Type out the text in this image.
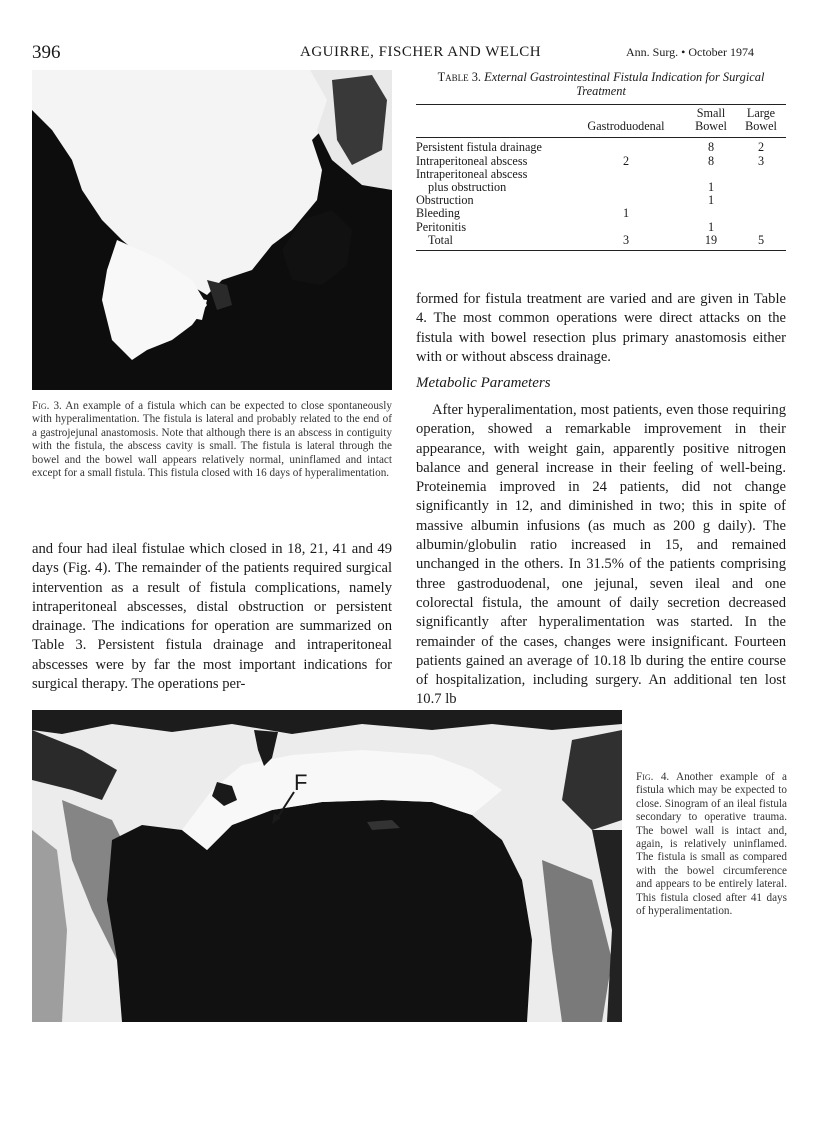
396	AGUIRRE, FISCHER AND WELCH	Ann. Surg. • October 1974
Fig. 3. An example of a fistula which can be expected to close spontaneously with hyperalimentation. The fistula is lateral and probably related to the end of a gastrojejunal anastomosis. Note that although there is an abscess in contiguity with the fistula, the abscess cavity is small. The fistula is lateral through the bowel and the bowel wall appears relatively normal, uninflamed and intact except for a small fistula. This fistula closed with 16 days of hyperalimentation.
and four had ileal fistulae which closed in 18, 21, 41 and 49 days (Fig. 4). The remainder of the patients required surgical intervention as a result of fistula complications, namely intraperitoneal abscesses, distal obstruction or persistent drainage. The indications for operation are summarized on Table 3. Persistent fistula drainage and intraperitoneal abscesses were by far the most important indications for surgical therapy. The operations per-
Table 3. External Gastrointestinal Fistula Indication for Surgical Treatment
	Gastroduodenal	Small Bowel	Large Bowel
Persistent fistula drainage		8	2
Intraperitoneal abscess	2	8	3
Intraperitoneal abscess			
plus obstruction		1	
Obstruction		1	
Bleeding	1		
Peritonitis		1	
Total	3	19	5
formed for fistula treatment are varied and are given in Table 4. The most common operations were direct attacks on the fistula with bowel resection plus primary anastomosis either with or without abscess drainage.
Metabolic Parameters
After hyperalimentation, most patients, even those requiring operation, showed a remarkable improvement in their appearance, with weight gain, apparently positive nitrogen balance and general increase in their feeling of well-being. Proteinemia improved in 24 patients, did not change significantly in 12, and diminished in two; this in spite of massive albumin infusions (as much as 200 g daily). The albumin/globulin ratio increased in 15, and remained unchanged in the others. In 31.5% of the patients comprising three gastroduodenal, one jejunal, seven ileal and one colorectal fistula, the amount of daily secretion decreased significantly after hyperalimentation was started. In the remainder of the cases, changes were insignificant. Fourteen patients gained an average of 10.18 lb during the entire course of hospitalization, including surgery. An additional ten lost 10.7 lb
F	Fig. 4. Another example of a fistula which may be expected to close. Sinogram of an ileal fistula secondary to operative trauma. The bowel wall is intact and, again, is relatively uninflamed. The fistula is small as compared with the bowel circumference and appears to be entirely lateral. This fistula closed after 41 days of hyperalimentation.
